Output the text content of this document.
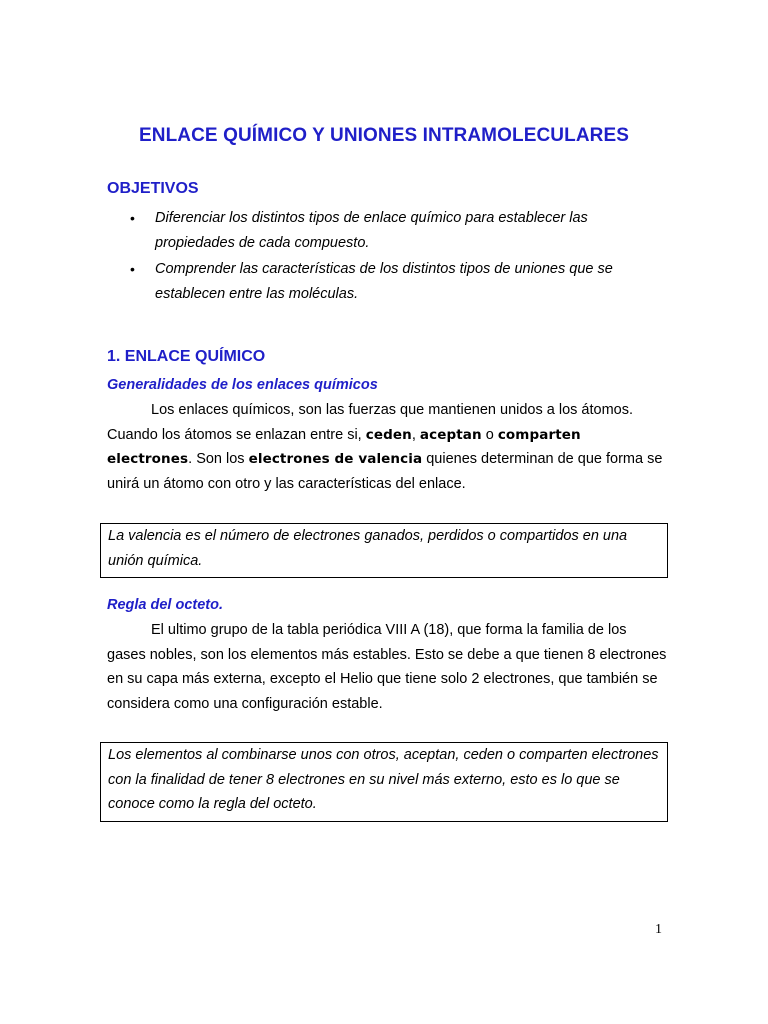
ENLACE QUÍMICO Y UNIONES INTRAMOLECULARES
OBJETIVOS
• Diferenciar los distintos tipos de enlace químico para establecer las propiedades de cada compuesto.
• Comprender las características de los distintos tipos de uniones que se establecen entre las moléculas.
1. ENLACE QUÍMICO
Generalidades de los enlaces químicos
Los enlaces químicos, son las fuerzas que mantienen unidos a los átomos. Cuando los átomos se enlazan entre si, ceden, aceptan o comparten electrones. Son los electrones de valencia quienes determinan de que forma se unirá un átomo con otro y las características del enlace.
La valencia es el número de electrones ganados, perdidos o compartidos en una unión química.
Regla del octeto.
El ultimo grupo de la tabla periódica VIII A (18), que forma la familia de los gases nobles, son los elementos más estables. Esto se debe a que tienen 8 electrones en su capa más externa, excepto el Helio que tiene solo 2 electrones, que también se considera como una configuración estable.
Los elementos al combinarse unos con otros, aceptan, ceden o comparten electrones con la finalidad de tener 8 electrones en su nivel más externo, esto es lo que se conoce como la regla del octeto.
1
